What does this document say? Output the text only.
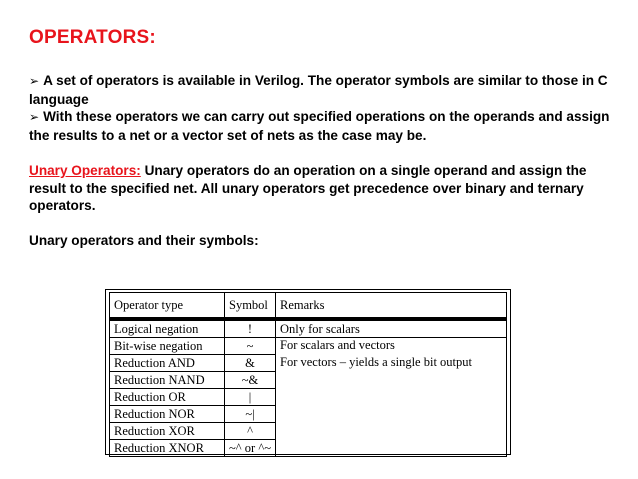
OPERATORS:

➢ A set of operators is available in Verilog. The operator symbols are similar to those in C language

➢ With these operators we can carry out specified operations on the operands and assign the results to a net or a vector set of nets as the case may be.

Unary Operators: Unary operators do an operation on a single operand and assign the result to the specified net. All unary operators get precedence over binary and ternary operators.

Unary operators and their symbols:

Operator type	Symbol	Remarks
Logical negation	!	Only for scalars
Bit-wise negation	~	For scalars and vectors
Reduction AND	&	For vectors – yields a single bit output
Reduction NAND	~&	
Reduction OR	|	
Reduction NOR	~|	
Reduction XOR	^	
Reduction XNOR	~^ or ^~	
